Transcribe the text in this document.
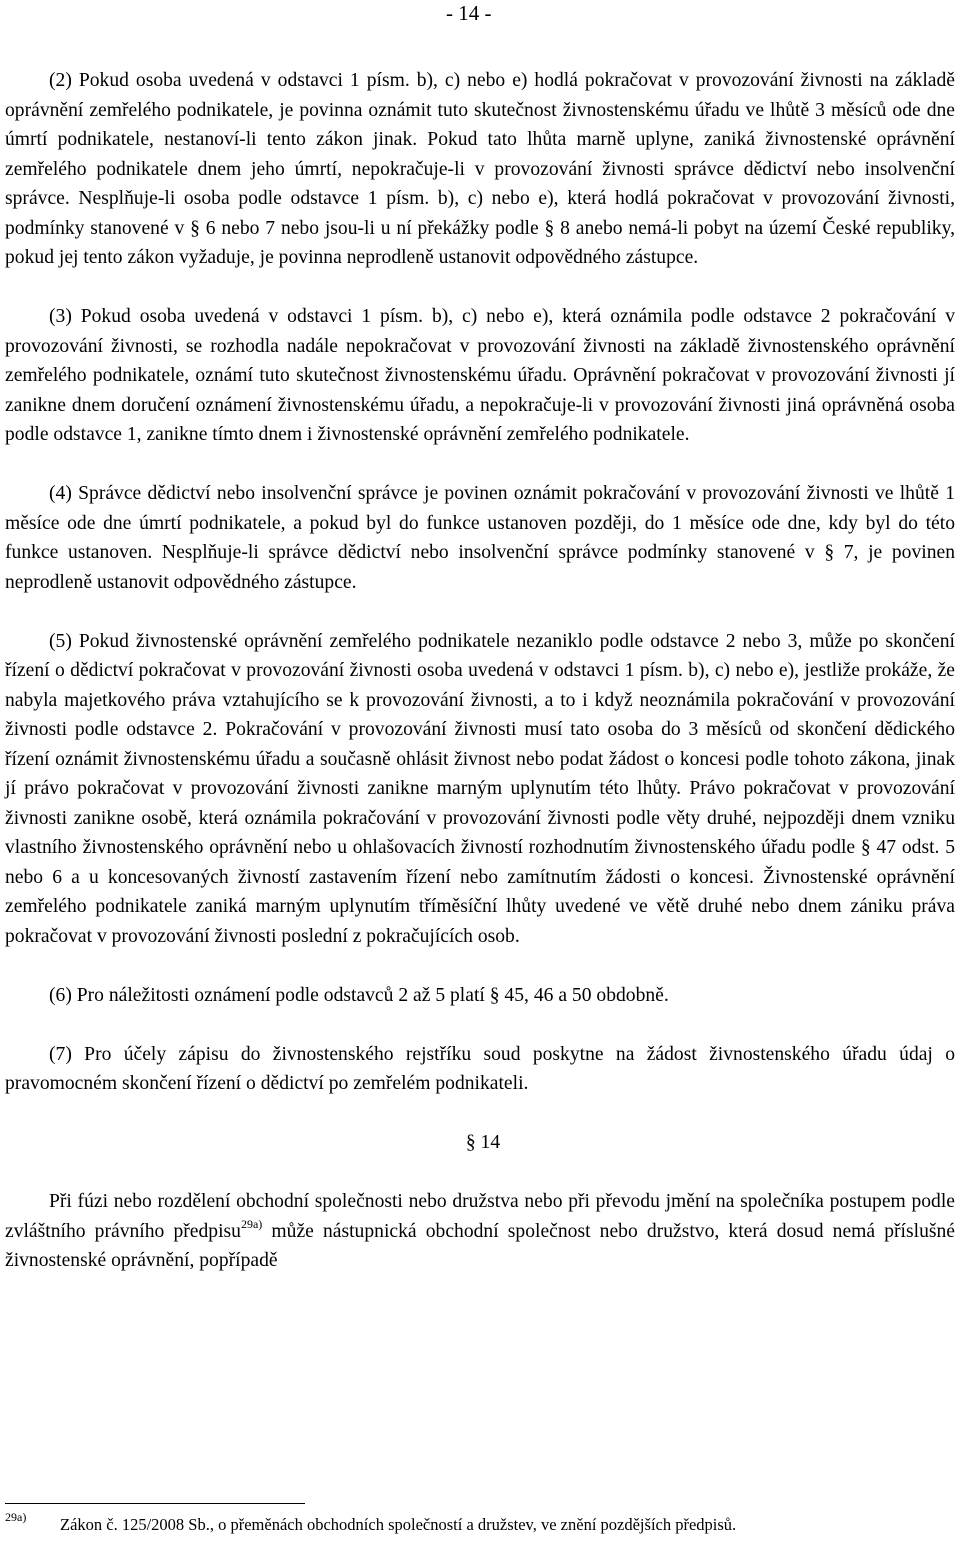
- 14 -

(2) Pokud osoba uvedená v odstavci 1 písm. b), c) nebo e) hodlá pokračovat v provozování živnosti na základě oprávnění zemřelého podnikatele, je povinna oznámit tuto skutečnost živnostenskému úřadu ve lhůtě 3 měsíců ode dne úmrtí podnikatele, nestanoví-li tento zákon jinak. Pokud tato lhůta marně uplyne, zaniká živnostenské oprávnění zemřelého podnikatele dnem jeho úmrtí, nepokračuje-li v provozování živnosti správce dědictví nebo insolvenční správce. Nesplňuje-li osoba podle odstavce 1 písm. b), c) nebo e), která hodlá pokračovat v provozování živnosti, podmínky stanovené v § 6 nebo 7 nebo jsou-li u ní překážky podle § 8 anebo nemá-li pobyt na území České republiky, pokud jej tento zákon vyžaduje, je povinna neprodleně ustanovit odpovědného zástupce.

(3) Pokud osoba uvedená v odstavci 1 písm. b), c) nebo e), která oznámila podle odstavce 2 pokračování v provozování živnosti, se rozhodla nadále nepokračovat v provozování živnosti na základě živnostenského oprávnění zemřelého podnikatele, oznámí tuto skutečnost živnostenskému úřadu. Oprávnění pokračovat v provozování živnosti jí zanikne dnem doručení oznámení živnostenskému úřadu, a nepokračuje-li v provozování živnosti jiná oprávněná osoba podle odstavce 1, zanikne tímto dnem i živnostenské oprávnění zemřelého podnikatele.

(4) Správce dědictví nebo insolvenční správce je povinen oznámit pokračování v provozování živnosti ve lhůtě 1 měsíce ode dne úmrtí podnikatele, a pokud byl do funkce ustanoven později, do 1 měsíce ode dne, kdy byl do této funkce ustanoven. Nesplňuje-li správce dědictví nebo insolvenční správce podmínky stanovené v § 7, je povinen neprodleně ustanovit odpovědného zástupce.

(5) Pokud živnostenské oprávnění zemřelého podnikatele nezaniklo podle odstavce 2 nebo 3, může po skončení řízení o dědictví pokračovat v provozování živnosti osoba uvedená v odstavci 1 písm. b), c) nebo e), jestliže prokáže, že nabyla majetkového práva vztahujícího se k provozování živnosti, a to i když neoznámila pokračování v provozování živnosti podle odstavce 2. Pokračování v provozování živnosti musí tato osoba do 3 měsíců od skončení dědického řízení oznámit živnostenskému úřadu a současně ohlásit živnost nebo podat žádost o koncesi podle tohoto zákona, jinak jí právo pokračovat v provozování živnosti zanikne marným uplynutím této lhůty. Právo pokračovat v provozování živnosti zanikne osobě, která oznámila pokračování v provozování živnosti podle věty druhé, nejpozději dnem vzniku vlastního živnostenského oprávnění nebo u ohlašovacích živností rozhodnutím živnostenského úřadu podle § 47 odst. 5 nebo 6 a u koncesovaných živností zastavením řízení nebo zamítnutím žádosti o koncesi. Živnostenské oprávnění zemřelého podnikatele zaniká marným uplynutím tříměsíční lhůty uvedené ve větě druhé nebo dnem zániku práva pokračovat v provozování živnosti poslední z pokračujících osob.

(6) Pro náležitosti oznámení podle odstavců 2 až 5 platí § 45, 46 a 50 obdobně.

(7) Pro účely zápisu do živnostenského rejstříku soud poskytne na žádost živnostenského úřadu údaj o pravomocném skončení řízení o dědictví po zemřelém podnikateli.

§ 14

Při fúzi nebo rozdělení obchodní společnosti nebo družstva nebo při převodu jmění na společníka postupem podle zvláštního právního předpisu$^{29a)}$ může nástupnická obchodní společnost nebo družstvo, která dosud nemá příslušné živnostenské oprávnění, popřípadě

29a) Zákon č. 125/2008 Sb., o přeměnách obchodních společností a družstev, ve znění pozdějších předpisů.
